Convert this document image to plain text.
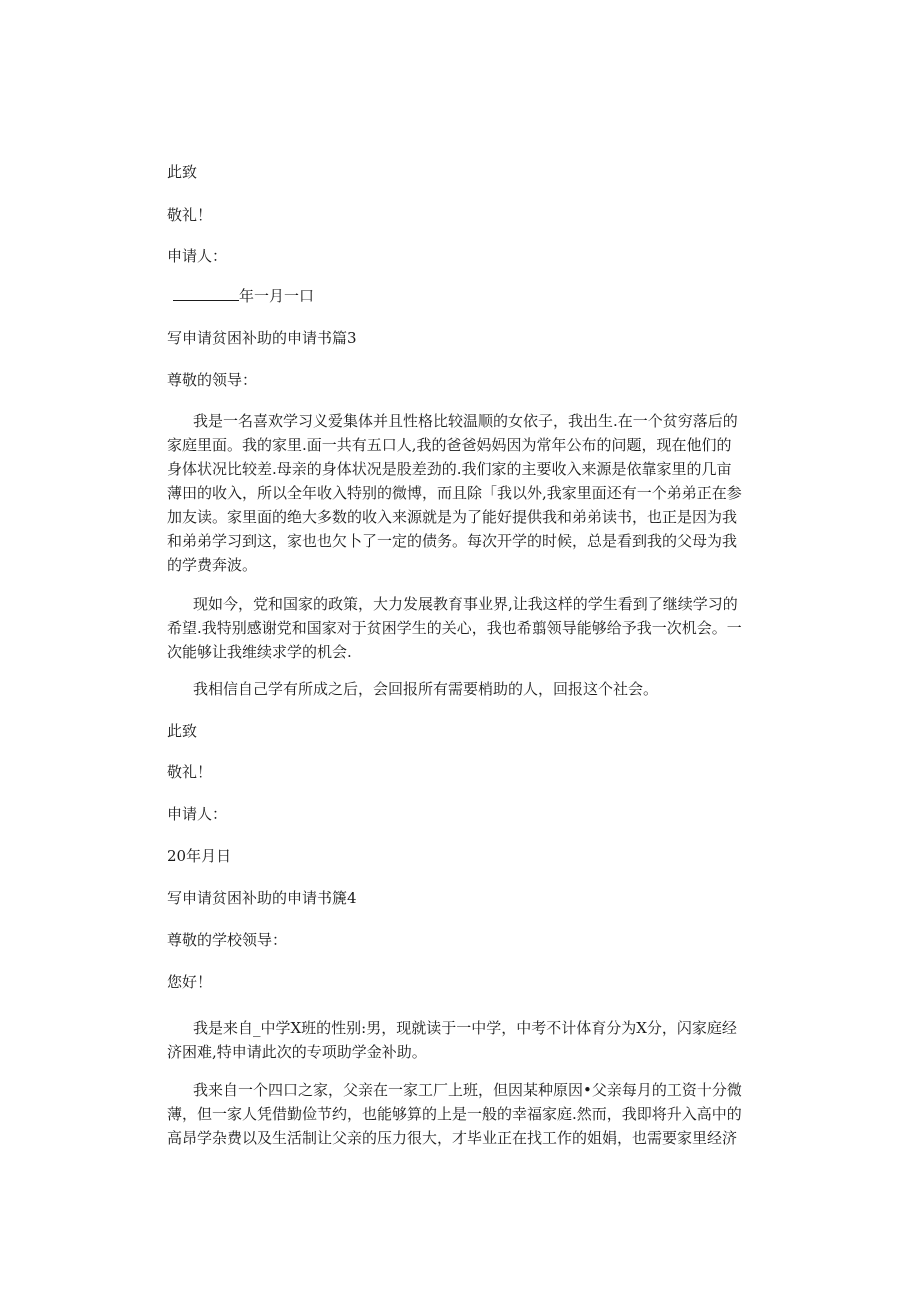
此致

敬礼！

申请人：

年一月一口

写申请贫困补助的申请书篇3

尊敬的领导：

我是一名喜欢学习义爱集体并且性格比较温顺的女依子，我出生.在一个贫穷落后的
家庭里面。我的家里.面一共有五口人,我的爸爸妈妈因为常年公布的问题，现在他们的
身体状况比较差.母亲的身体状况是股差劲的.我们家的主要收入来源是依靠家里的几亩
薄田的收入，所以全年收入特别的微博，而且除「我以外,我家里面还有一个弟弟正在参
加友读。家里面的绝大多数的收入来源就是为了能好提供我和弟弟读书，也正是因为我
和弟弟学习到这，家也也欠卜了一定的债务。每次开学的时候，总是看到我的父母为我
的学费奔波。
现如今，党和国家的政策，大力发展教育事业界,让我这样的学生看到了继续学习的
希望.我特别感谢党和国家对于贫困学生的关心，我也希翦领导能够给予我一次机会。一
次能够让我维续求学的机会.

我相信自己学有所成之后，会回报所有需要梢助的人，回报这个社会。

此致

敬礼！

申请人：

20年月日

写申请贫困补助的申请书篪4

尊敬的学校领导：

您好！

我是来自_中学X班的性别:男，现就读于一中学，中考不计体育分为X分，闪家庭经
济困难,特申请此次的专项助学金补助。
我来自一个四口之家，父亲在一家工厂上班，但因某种原因•父亲每月的工资十分微
薄，但一家人凭借勤俭节约，也能够算的上是一般的幸福家庭.然而，我即将升入高中的
高昂学杂费以及生活制让父亲的压力很大，才毕业正在找工作的姐娟，也需要家里经济
